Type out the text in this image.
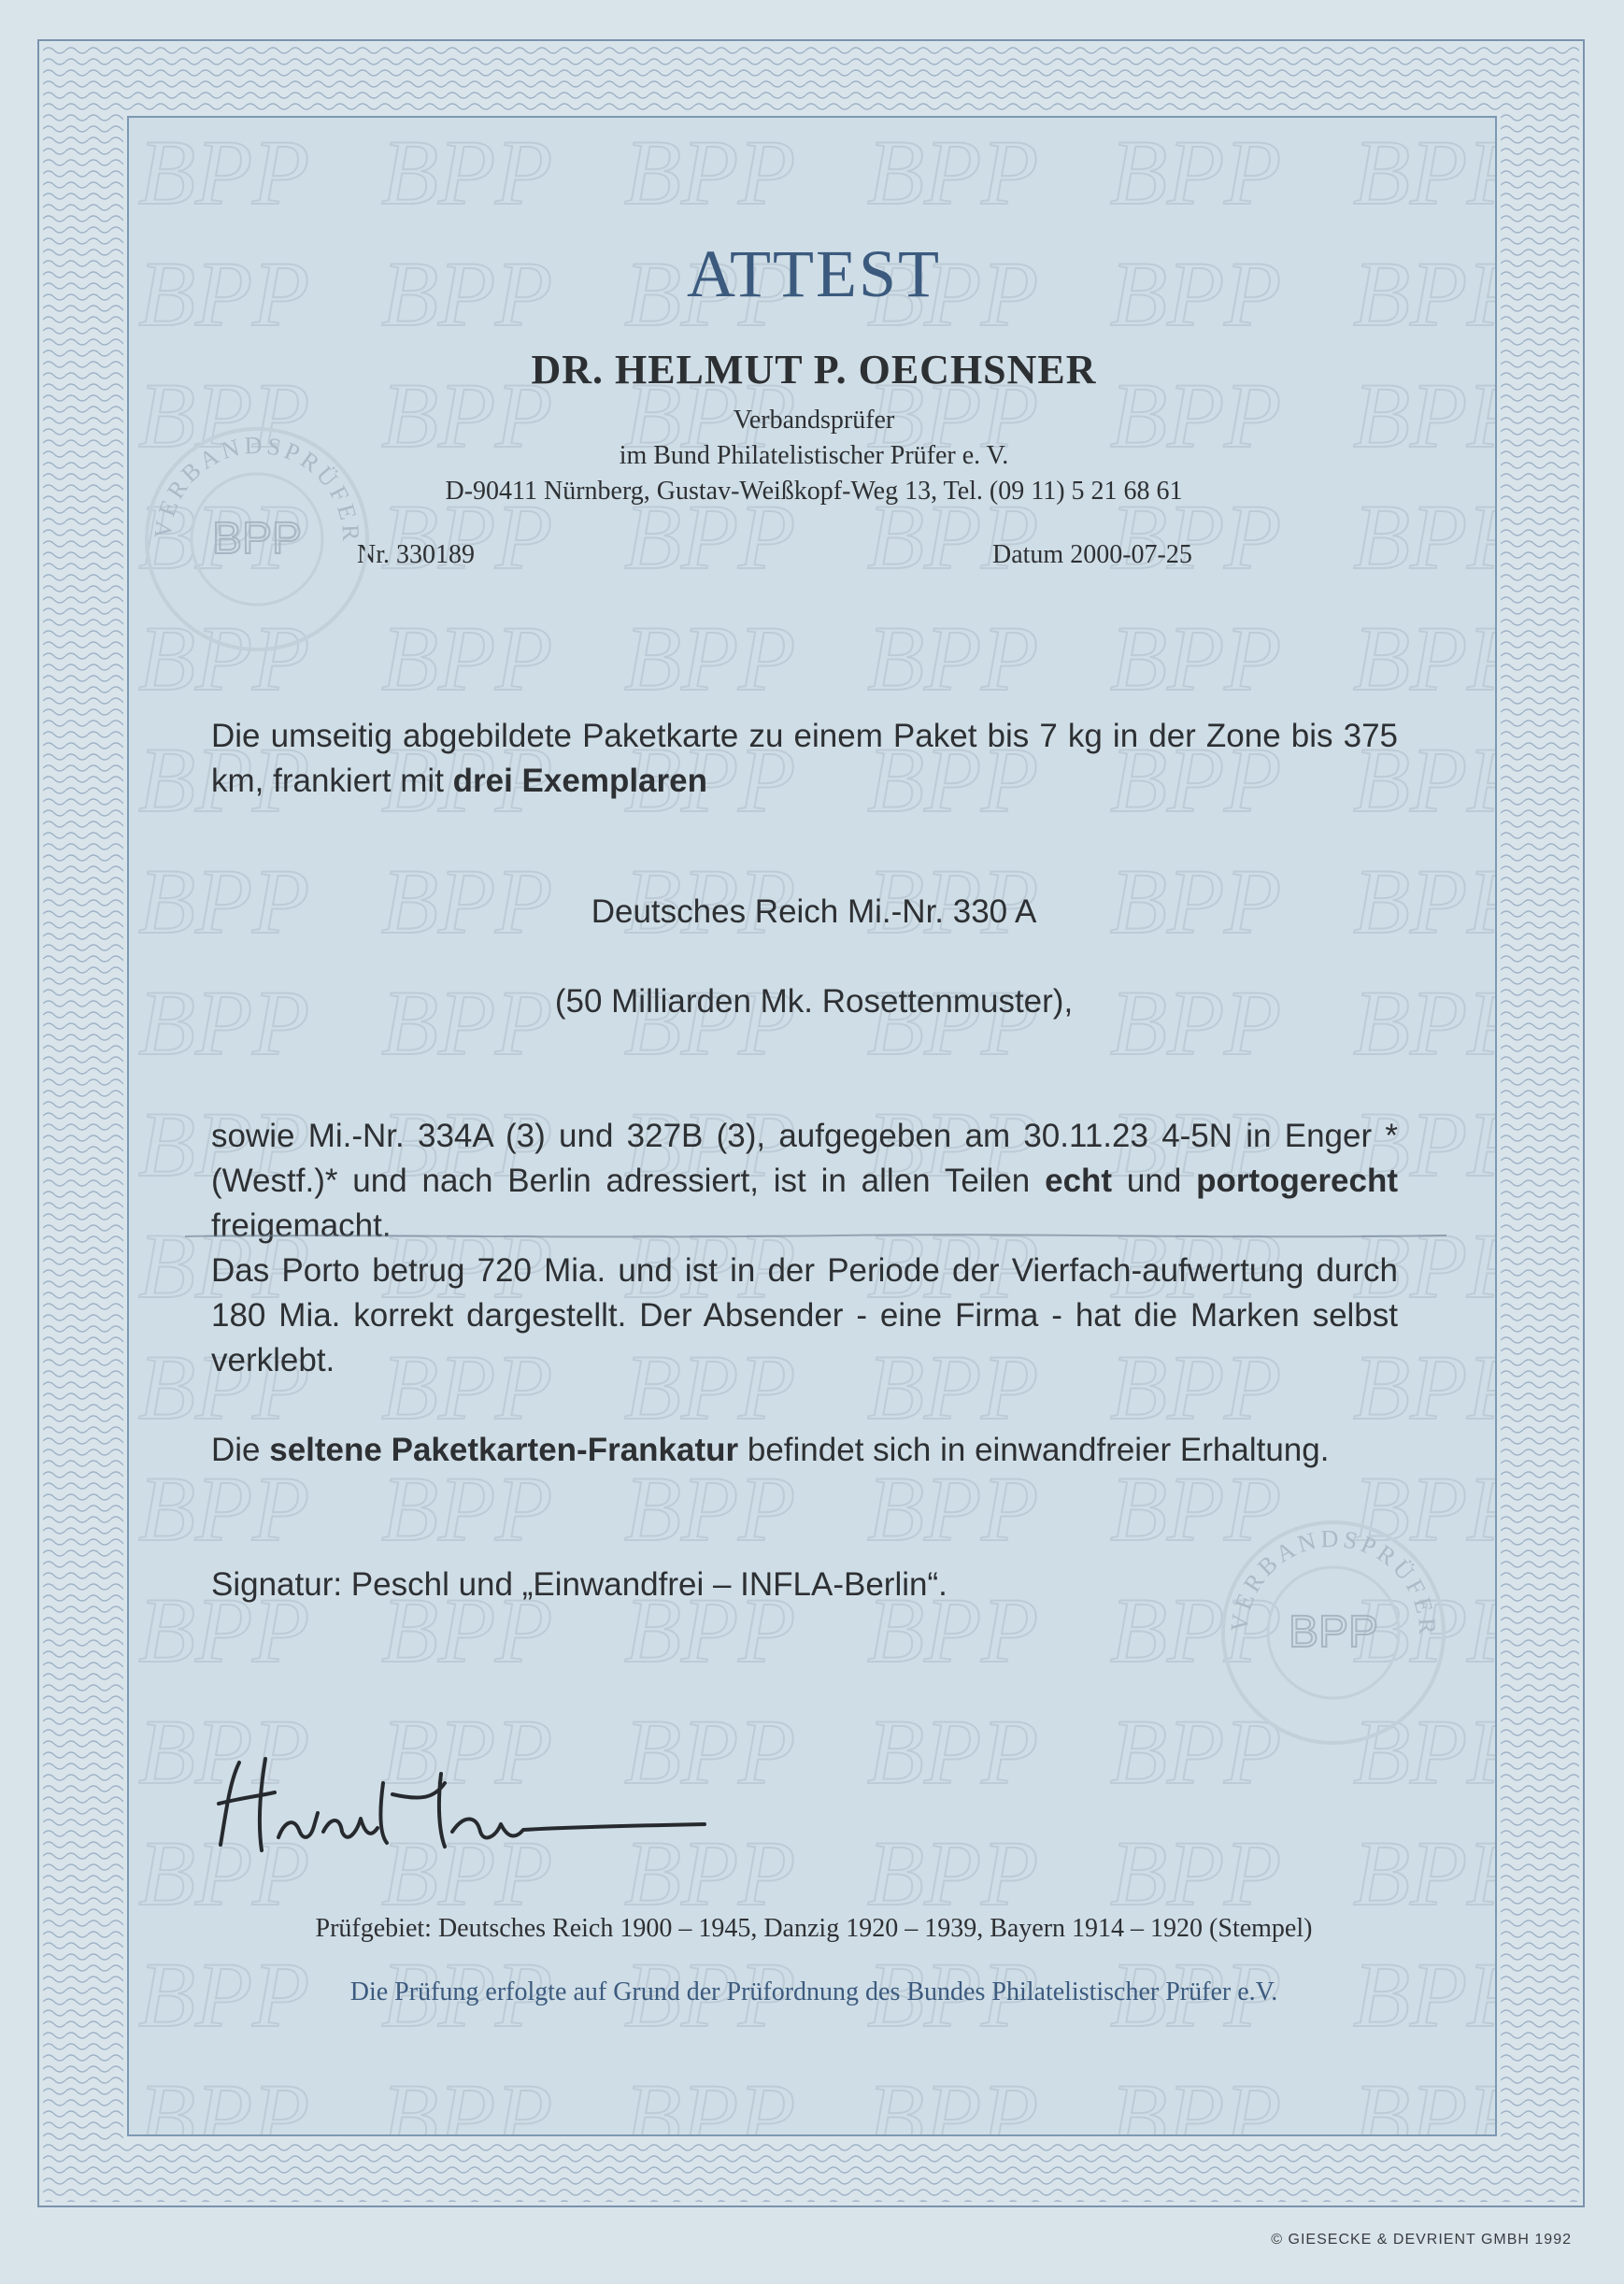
ATTEST
DR. HELMUT P. OECHSNER
Verbandsprüfer
im Bund Philatelistischer Prüfer e. V.
D-90411 Nürnberg, Gustav-Weißkopf-Weg 13, Tel. (09 11) 5 21 68 61
Nr. 330189	Datum 2000-07-25
Die umseitig abgebildete Paketkarte zu einem Paket bis 7 kg in der Zone bis 375 km, frankiert mit drei Exemplaren
Deutsches Reich Mi.-Nr. 330 A
(50 Milliarden Mk. Rosettenmuster),
sowie Mi.-Nr. 334A (3) und 327B (3), aufgegeben am 30.11.23 4-5N in Enger *(Westf.)* und nach Berlin adressiert, ist in allen Teilen echt und portogerecht freigemacht.
Das Porto betrug 720 Mia. und ist in der Periode der Vierfach-aufwertung durch 180 Mia. korrekt dargestellt. Der Absender - eine Firma - hat die Marken selbst verklebt.
Die seltene Paketkarten-Frankatur befindet sich in einwandfreier Erhaltung.
Signatur: Peschl und „Einwandfrei – INFLA-Berlin“.
Prüfgebiet: Deutsches Reich 1900 – 1945, Danzig 1920 – 1939, Bayern 1914 – 1920 (Stempel)
Die Prüfung erfolgte auf Grund der Prüfordnung des Bundes Philatelistischer Prüfer e.V.
VERBANDSPRÜFER
BPP
VERBANDSPRÜFER
BPP
© GIESECKE & DEVRIENT GMBH 1992
